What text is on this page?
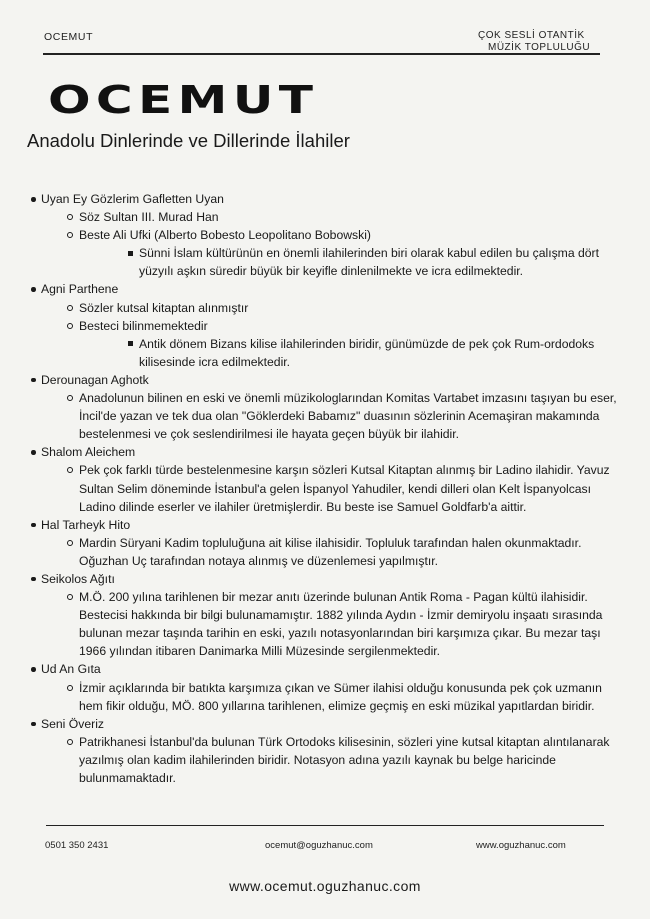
OCEMUT	ÇOK SESLİ OTANTİK
MÜZİK TOPLULUĞU
OCEMUT
Anadolu Dinlerinde ve Dillerinde İlahiler
Uyan Ey Gözlerim Gafletten Uyan
Söz Sultan III. Murad Han
Beste Ali Ufki (Alberto Bobesto Leopolitano Bobowski)
Sünni İslam kültürünün en önemli ilahilerinden biri olarak kabul edilen bu çalışma dört yüzyılı aşkın süredir büyük bir keyifle dinlenilmekte ve icra edilmektedir.
Agni Parthene
Sözler kutsal kitaptan alınmıştır
Besteci bilinmemektedir
Antik dönem Bizans kilise ilahilerinden biridir, günümüzde de pek çok Rum-ordodoks kilisesinde icra edilmektedir.
Derounagan Aghotk
Anadolunun bilinen en eski ve önemli müzikologlarından Komitas Vartabet imzasını taşıyan bu eser, İncil'de yazan ve tek dua olan "Göklerdeki Babamız" duasının sözlerinin Acemaşiran makamında bestelenmesi ve çok seslendirilmesi ile hayata geçen büyük bir ilahidir.
Shalom Aleichem
Pek çok farklı türde bestelenmesine karşın sözleri Kutsal Kitaptan alınmış bir Ladino ilahidir. Yavuz Sultan Selim döneminde İstanbul'a gelen İspanyol Yahudiler, kendi dilleri olan Kelt İspanyolcası Ladino dilinde eserler ve ilahiler üretmişlerdir. Bu beste ise Samuel Goldfarb'a aittir.
Hal Tarheyk Hito
Mardin Süryani Kadim topluluğuna ait kilise ilahisidir. Topluluk tarafından halen okunmaktadır. Oğuzhan Uç tarafından notaya alınmış ve düzenlemesi yapılmıştır.
Seikolos Ağıtı
M.Ö. 200 yılına tarihlenen bir mezar anıtı üzerinde bulunan Antik Roma - Pagan kültü ilahisidir. Bestecisi hakkında bir bilgi bulunamamıştır. 1882 yılında Aydın - İzmir demiryolu inşaatı sırasında bulunan mezar taşında tarihin en eski, yazılı notasyonlarından biri karşımıza çıkar. Bu mezar taşı 1966 yılından itibaren Danimarka Milli Müzesinde sergilenmektedir.
Ud An Gıta
İzmir açıklarında bir batıkta karşımıza çıkan ve Sümer ilahisi olduğu konusunda pek çok uzmanın hem fikir olduğu, MÖ. 800 yıllarına tarihlenen, elimize geçmiş en eski müzikal yapıtlardan biridir.
Seni Överiz
Patrikhanesi İstanbul'da bulunan Türk Ortodoks kilisesinin, sözleri yine kutsal kitaptan alıntılanarak yazılmış olan kadim ilahilerinden biridir. Notasyon adına yazılı kaynak bu belge haricinde bulunmamaktadır.
0501 350 2431	ocemut@oguzhanuc.com	www.oguzhanuc.com
www.ocemut.oguzhanuc.com
